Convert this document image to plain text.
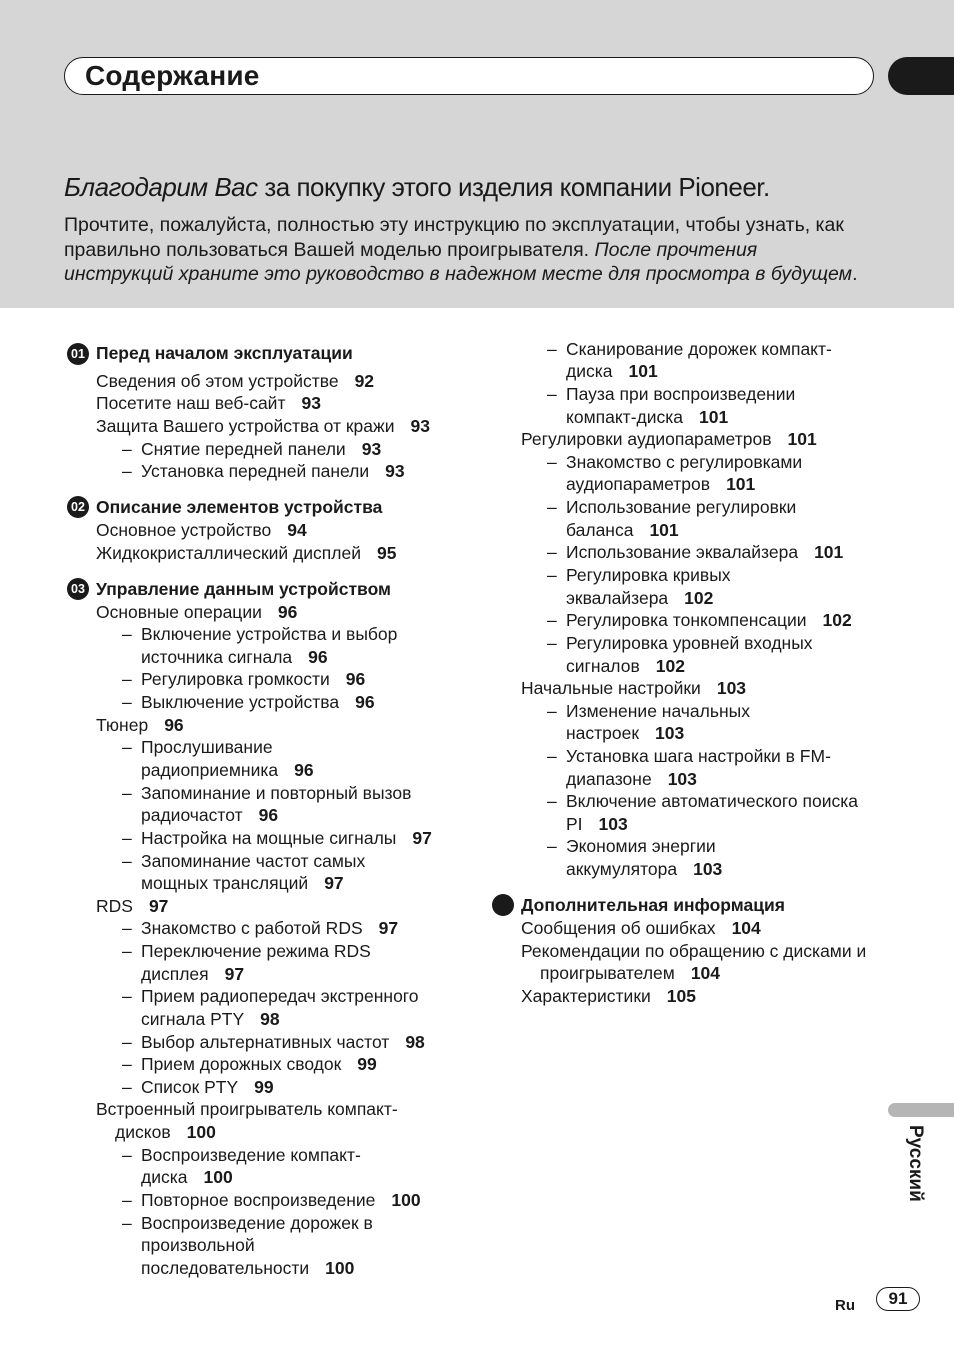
Содержание
Благодарим Вас за покупку этого изделия компании Pioneer.
Прочтите, пожалуйста, полностью эту инструкцию по эксплуатации, чтобы узнать, как
правильно пользоваться Вашей моделью проигрывателя. После прочтения
инструкций храните это руководство в надежном месте для просмотра в будущем.
01 Перед началом эксплуатации
Сведения об этом устройстве 92
Посетите наш веб-сайт 93
Защита Вашего устройства от кражи 93
– Снятие передней панели 93
– Установка передней панели 93
02 Описание элементов устройства
Основное устройство 94
Жидкокристаллический дисплей 95
03 Управление данным устройством
Основные операции 96
– Включение устройства и выбор
источника сигнала 96
– Регулировка громкости 96
– Выключение устройства 96
Тюнер 96
– Прослушивание
радиоприемника 96
– Запоминание и повторный вызов
радиочастот 96
– Настройка на мощные сигналы 97
– Запоминание частот самых
мощных трансляций 97
RDS 97
– Знакомство с работой RDS 97
– Переключение режима RDS
дисплея 97
– Прием радиопередач экстренного
сигнала PTY 98
– Выбор альтернативных частот 98
– Прием дорожных сводок 99
– Список PTY 99
Встроенный проигрыватель компакт-
дисков 100
– Воспроизведение компакт-
диска 100
– Повторное воспроизведение 100
– Воспроизведение дорожек в
произвольной
последовательности 100
– Сканирование дорожек компакт-
диска 101
– Пауза при воспроизведении
компакт-диска 101
Регулировки аудиопараметров 101
– Знакомство с регулировками
аудиопараметров 101
– Использование регулировки
баланса 101
– Использование эквалайзера 101
– Регулировка кривых
эквалайзера 102
– Регулировка тонкомпенсации 102
– Регулировка уровней входных
сигналов 102
Начальные настройки 103
– Изменение начальных
настроек 103
– Установка шага настройки в FM-
диапазоне 103
– Включение автоматического поиска
PI 103
– Экономия энергии
аккумулятора 103
Дополнительная информация
Сообщения об ошибках 104
Рекомендации по обращению с дисками и
проигрывателем 104
Характеристики 105
Русский
Ru	91
